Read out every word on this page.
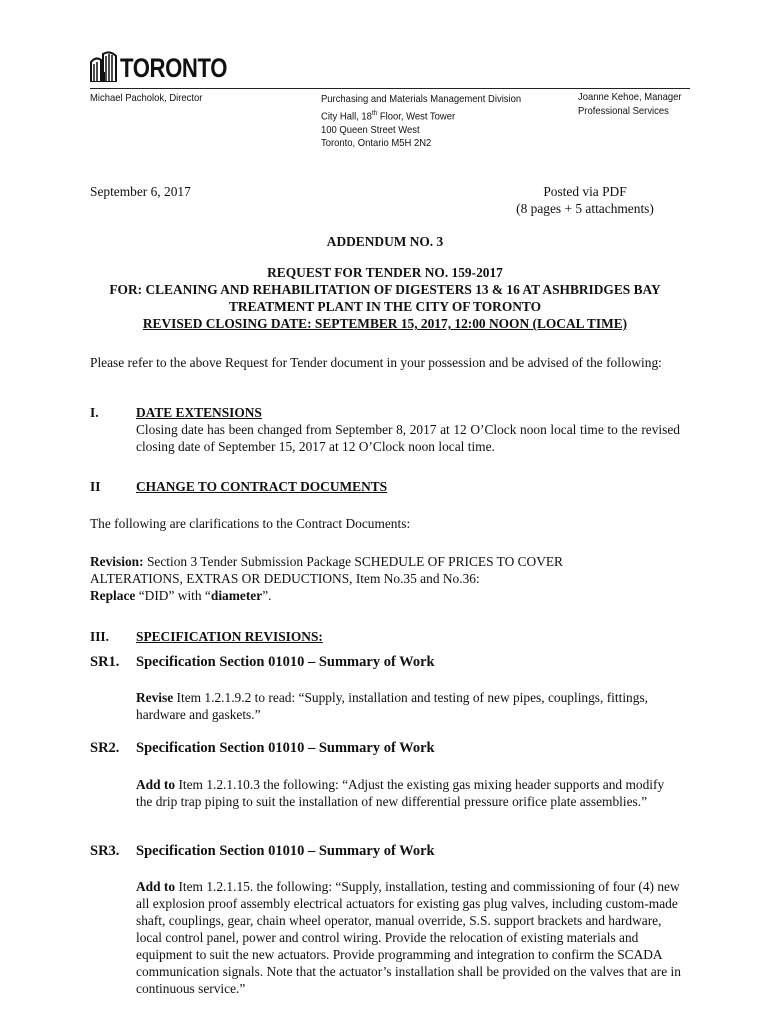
TORONTO
Michael Pacholok, Director	Purchasing and Materials Management Division
City Hall, 18th Floor, West Tower
100 Queen Street West
Toronto, Ontario M5H 2N2
Joanne Kehoe, Manager
Professional Services
September 6, 2017	Posted via PDF
(8 pages + 5 attachments)
ADDENDUM NO. 3
REQUEST FOR TENDER NO. 159-2017
FOR: CLEANING AND REHABILITATION OF DIGESTERS 13 & 16 AT ASHBRIDGES BAY
TREATMENT PLANT IN THE CITY OF TORONTO
REVISED CLOSING DATE: SEPTEMBER 15, 2017, 12:00 NOON (LOCAL TIME)
Please refer to the above Request for Tender document in your possession and be advised of the following:
I.	DATE EXTENSIONS
Closing date has been changed from September 8, 2017 at 12 O’Clock noon local time to the revised closing date of September 15, 2017 at 12 O’Clock noon local time.
II	CHANGE TO CONTRACT DOCUMENTS
The following are clarifications to the Contract Documents:
Revision: Section 3 Tender Submission Package SCHEDULE OF PRICES TO COVER
ALTERATIONS, EXTRAS OR DEDUCTIONS, Item No.35 and No.36:
Replace “DID” with “diameter”.
III. SPECIFICATION REVISIONS:
SR1. Specification Section 01010 – Summary of Work
Revise Item 1.2.1.9.2 to read: “Supply, installation and testing of new pipes, couplings, fittings, hardware and gaskets.”
SR2. Specification Section 01010 – Summary of Work
Add to Item 1.2.1.10.3 the following: “Adjust the existing gas mixing header supports and modify the drip trap piping to suit the installation of new differential pressure orifice plate assemblies.”
SR3. Specification Section 01010 – Summary of Work
Add to Item 1.2.1.15. the following: “Supply, installation, testing and commissioning of four (4) new all explosion proof assembly electrical actuators for existing gas plug valves, including custom-made shaft, couplings, gear, chain wheel operator, manual override, S.S. support brackets and hardware, local control panel, power and control wiring. Provide the relocation of existing materials and equipment to suit the new actuators. Provide programming and integration to confirm the SCADA communication signals. Note that the actuator’s installation shall be provided on the valves that are in continuous service.”
